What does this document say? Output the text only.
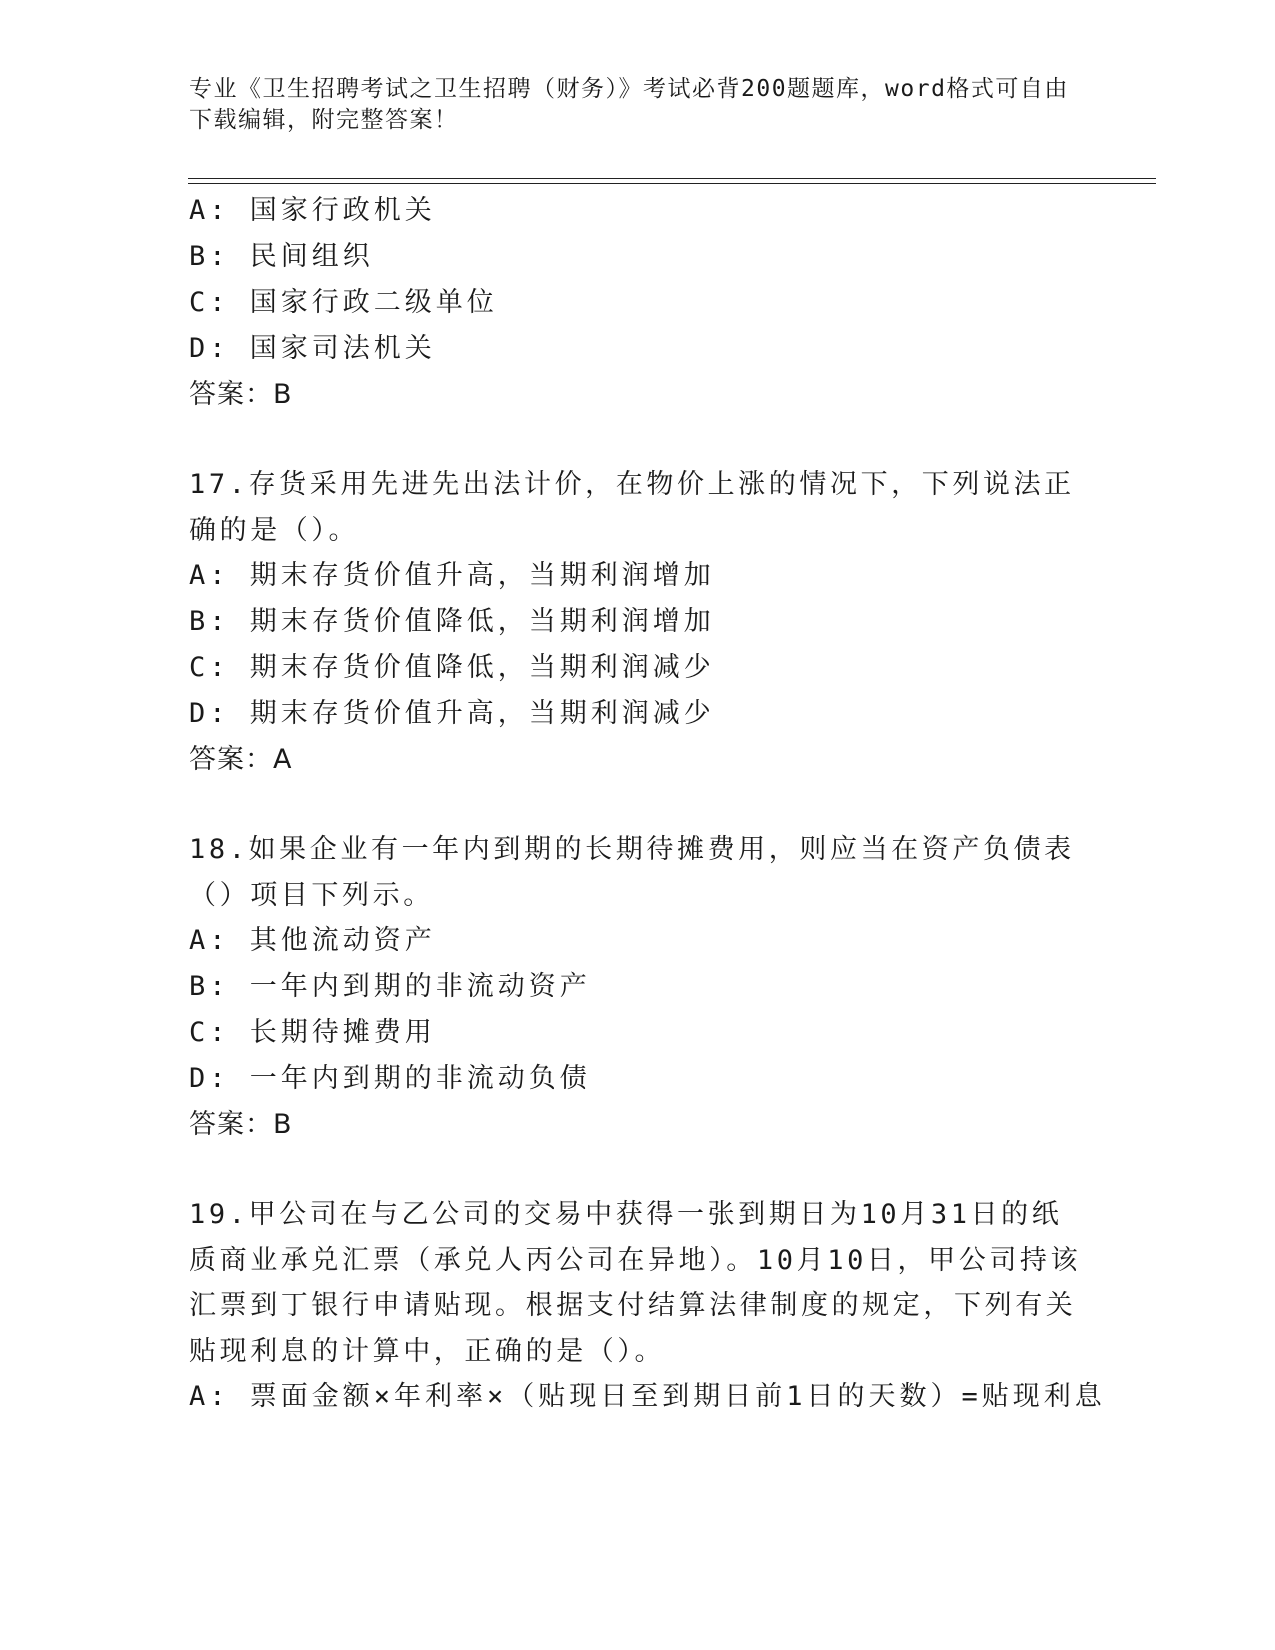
专业《卫生招聘考试之卫生招聘（财务）》考试必背200题题库，word格式可自由下载编辑，附完整答案！
A: 国家行政机关
B: 民间组织
C: 国家行政二级单位
D: 国家司法机关
答案：B
17.存货采用先进先出法计价，在物价上涨的情况下，下列说法正确的是（）。
A: 期末存货价值升高，当期利润增加
B: 期末存货价值降低，当期利润增加
C: 期末存货价值降低，当期利润减少
D: 期末存货价值升高，当期利润减少
答案：A
18.如果企业有一年内到期的长期待摊费用，则应当在资产负债表（）项目下列示。
A: 其他流动资产
B: 一年内到期的非流动资产
C: 长期待摊费用
D: 一年内到期的非流动负债
答案：B
19.甲公司在与乙公司的交易中获得一张到期日为10月31日的纸质商业承兑汇票（承兑人丙公司在异地）。10月10日，甲公司持该汇票到丁银行申请贴现。根据支付结算法律制度的规定，下列有关贴现利息的计算中，正确的是（）。
A: 票面金额×年利率×（贴现日至到期日前1日的天数）=贴现利息
